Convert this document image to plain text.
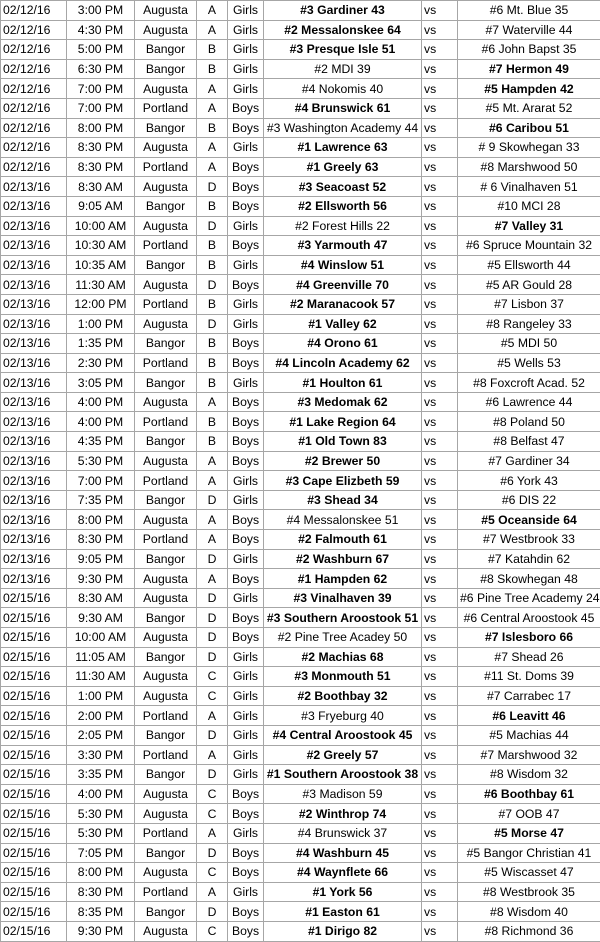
02/12/16	3:00 PM	Augusta	A	Girls	#3 Gardiner 43	vs	#6 Mt. Blue 35
02/12/16	4:30 PM	Augusta	A	Girls	#2 Messalonskee 64	vs	#7 Waterville 44
02/12/16	5:00 PM	Bangor	B	Girls	#3 Presque Isle 51	vs	#6 John Bapst 35
02/12/16	6:30 PM	Bangor	B	Girls	#2 MDI 39	vs	#7 Hermon 49
02/12/16	7:00 PM	Augusta	A	Girls	#4 Nokomis 40	vs	#5 Hampden 42
02/12/16	7:00 PM	Portland	A	Boys	#4 Brunswick 61	vs	#5 Mt. Ararat 52
02/12/16	8:00 PM	Bangor	B	Boys	#3 Washington Academy 44	vs	#6 Caribou 51
02/12/16	8:30 PM	Augusta	A	Girls	#1 Lawrence 63	vs	# 9 Skowhegan 33
02/12/16	8:30 PM	Portland	A	Boys	#1 Greely 63	vs	#8 Marshwood 50
02/13/16	8:30 AM	Augusta	D	Boys	#3 Seacoast 52	vs	# 6 Vinalhaven 51
02/13/16	9:05 AM	Bangor	B	Boys	#2 Ellsworth 56	vs	#10 MCI 28
02/13/16	10:00 AM	Augusta	D	Girls	#2 Forest Hills 22	vs	#7 Valley 31
02/13/16	10:30 AM	Portland	B	Boys	#3 Yarmouth 47	vs	#6 Spruce Mountain 32
02/13/16	10:35 AM	Bangor	B	Girls	#4 Winslow 51	vs	#5 Ellsworth 44
02/13/16	11:30 AM	Augusta	D	Boys	#4 Greenville 70	vs	#5 AR Gould 28
02/13/16	12:00 PM	Portland	B	Girls	#2 Maranacook 57	vs	#7 Lisbon 37
02/13/16	1:00 PM	Augusta	D	Girls	#1 Valley 62	vs	#8 Rangeley 33
02/13/16	1:35 PM	Bangor	B	Boys	#4 Orono 61	vs	#5 MDI 50
02/13/16	2:30 PM	Portland	B	Boys	#4 Lincoln Academy 62	vs	#5 Wells 53
02/13/16	3:05 PM	Bangor	B	Girls	#1 Houlton 61	vs	#8 Foxcroft Acad. 52
02/13/16	4:00 PM	Augusta	A	Boys	#3 Medomak 62	vs	#6 Lawrence 44
02/13/16	4:00 PM	Portland	B	Boys	#1 Lake Region 64	vs	#8 Poland 50
02/13/16	4:35 PM	Bangor	B	Boys	#1 Old Town 83	vs	#8 Belfast 47
02/13/16	5:30 PM	Augusta	A	Boys	#2 Brewer 50	vs	#7 Gardiner 34
02/13/16	7:00 PM	Portland	A	Girls	#3 Cape Elizbeth 59	vs	#6 York 43
02/13/16	7:35 PM	Bangor	D	Girls	#3 Shead 34	vs	#6 DIS 22
02/13/16	8:00 PM	Augusta	A	Boys	#4 Messalonskee 51	vs	#5 Oceanside 64
02/13/16	8:30 PM	Portland	A	Boys	#2 Falmouth 61	vs	#7 Westbrook 33
02/13/16	9:05 PM	Bangor	D	Girls	#2 Washburn 67	vs	#7 Katahdin 62
02/13/16	9:30 PM	Augusta	A	Boys	#1 Hampden 62	vs	#8 Skowhegan 48
02/15/16	8:30 AM	Augusta	D	Girls	#3 Vinalhaven 39	vs	#6 Pine Tree Academy 24
02/15/16	9:30 AM	Bangor	D	Boys	#3 Southern Aroostook 51	vs	#6 Central Aroostook 45
02/15/16	10:00 AM	Augusta	D	Boys	#2 Pine Tree Acadey 50	vs	#7 Islesboro 66
02/15/16	11:05 AM	Bangor	D	Girls	#2 Machias 68	vs	#7 Shead 26
02/15/16	11:30 AM	Augusta	C	Girls	#3 Monmouth 51	vs	#11 St. Doms 39
02/15/16	1:00 PM	Augusta	C	Girls	#2 Boothbay 32	vs	#7 Carrabec 17
02/15/16	2:00 PM	Portland	A	Girls	#3 Fryeburg 40	vs	#6 Leavitt 46
02/15/16	2:05 PM	Bangor	D	Girls	#4 Central Aroostook 45	vs	#5 Machias 44
02/15/16	3:30 PM	Portland	A	Girls	#2 Greely 57	vs	#7 Marshwood 32
02/15/16	3:35 PM	Bangor	D	Girls	#1 Southern Aroostook 38	vs	#8 Wisdom 32
02/15/16	4:00 PM	Augusta	C	Boys	#3 Madison 59	vs	#6 Boothbay 61
02/15/16	5:30 PM	Augusta	C	Boys	#2 Winthrop 74	vs	#7 OOB 47
02/15/16	5:30 PM	Portland	A	Girls	#4 Brunswick 37	vs	#5 Morse 47
02/15/16	7:05 PM	Bangor	D	Boys	#4 Washburn 45	vs	#5 Bangor Christian 41
02/15/16	8:00 PM	Augusta	C	Boys	#4 Waynflete 66	vs	#5 Wiscasset 47
02/15/16	8:30 PM	Portland	A	Girls	#1 York 56	vs	#8 Westbrook 35
02/15/16	8:35 PM	Bangor	D	Boys	#1 Easton 61	vs	#8 Wisdom 40
02/15/16	9:30 PM	Augusta	C	Boys	#1 Dirigo 82	vs	#8 Richmond 36
